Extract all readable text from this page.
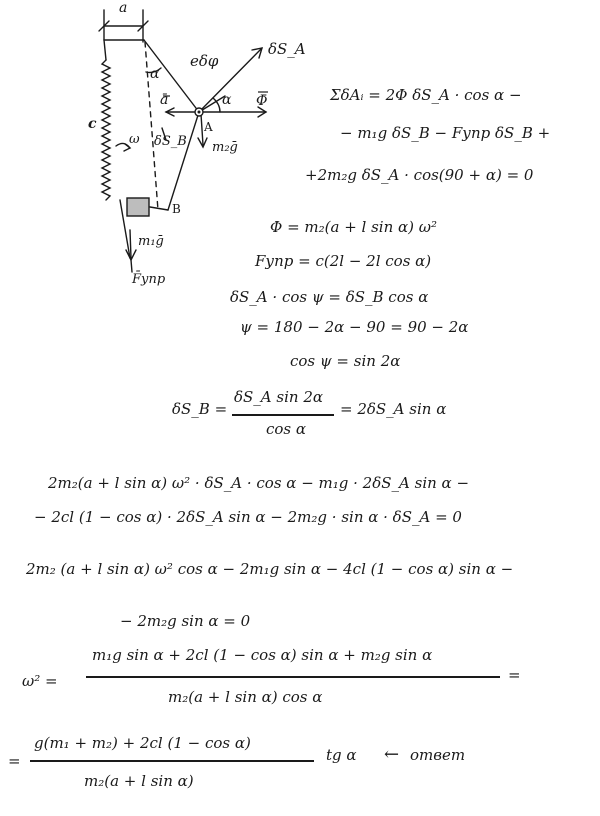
a
eδφ
δS_A
α
ā	α Φ̄
c
ω δS_B
A
m₂ḡ
B
m₁ḡ
F̄упр
ΣδAᵢ = 2Φ δS_A · cos α −
− m₁g δS_B − Fупр δS_B +
+2m₂g δS_A · cos(90 + α) = 0
Φ = m₂(a + l sin α) ω²
Fупр = c(2l − 2l cos α)
δS_A · cos ψ = δS_B cos α
ψ = 180 − 2α − 90 = 90 − 2α
cos ψ = sin 2α
δS_B =
δS_A sin 2α
cos α
= 2δS_A sin α
2m₂(a + l sin α) ω² · δS_A · cos α − m₁g · 2δS_A sin α −
− 2cl (1 − cos α) · 2δS_A sin α − 2m₂g · sin α · δS_A = 0
2m₂ (a + l sin α) ω² cos α − 2m₁g sin α − 4cl (1 − cos α) sin α −
− 2m₂g sin α = 0
ω² =
m₁g sin α + 2cl (1 − cos α) sin α + m₂g sin α
m₂(a + l sin α) cos α
=
=
g(m₁ + m₂) + 2cl (1 − cos α)
m₂(a + l sin α)
tg α ← ответ
